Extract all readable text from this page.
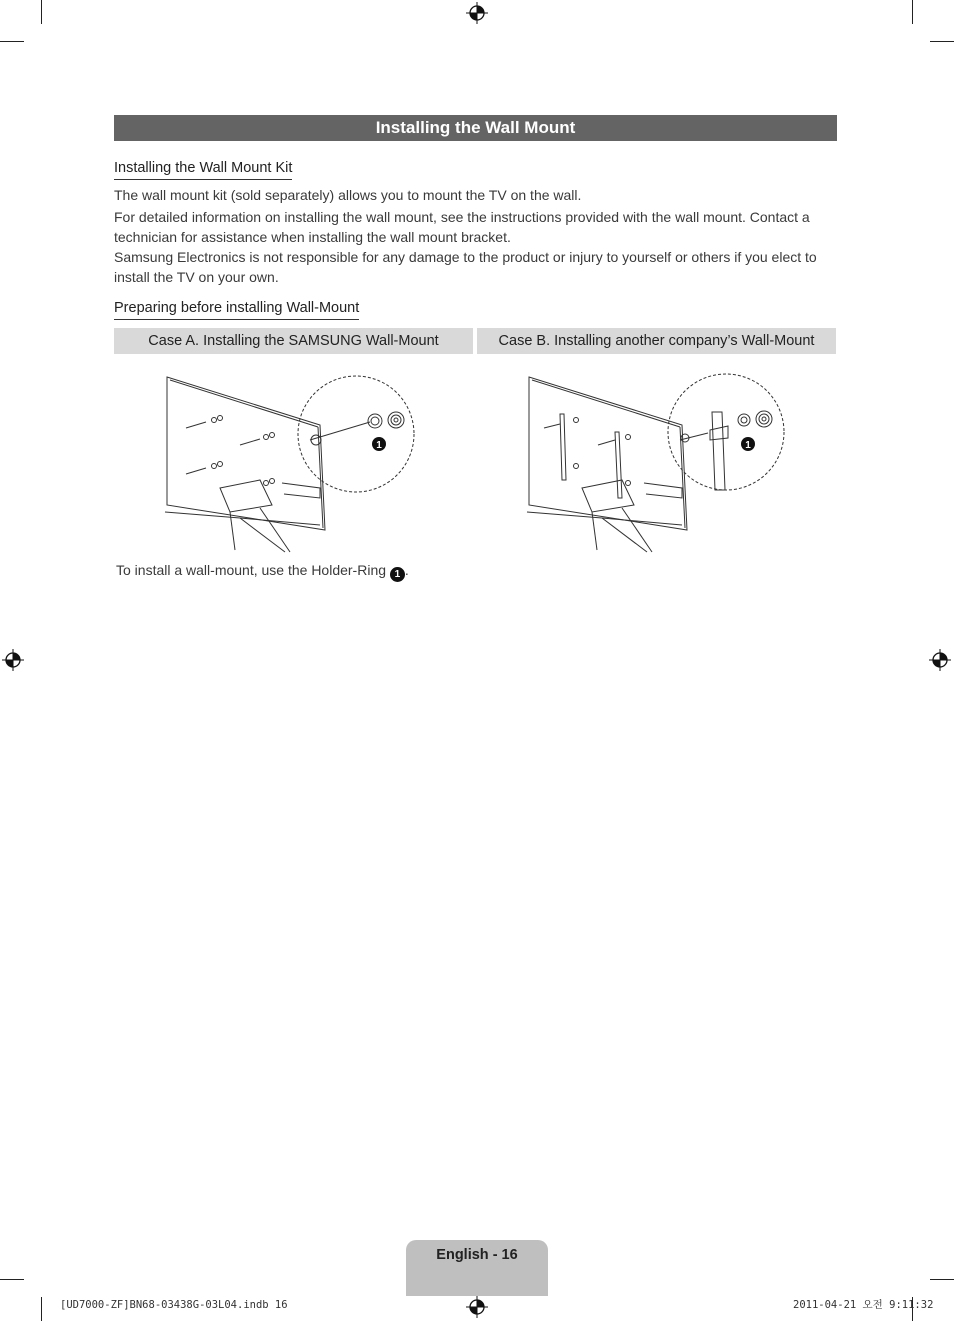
Installing the Wall Mount
Installing the Wall Mount Kit

The wall mount kit (sold separately) allows you to mount the TV on the wall.

For detailed information on installing the wall mount, see the instructions provided with the wall mount. Contact a technician for assistance when installing the wall mount bracket.

Samsung Electronics is not responsible for any damage to the product or injury to yourself or others if you elect to install the TV on your own.

Preparing before installing Wall-Mount
Case A. Installing the SAMSUNG Wall-Mount	Case B. Installing another company’s Wall-Mount
1	1
To install a wall-mount, use the Holder-Ring 1 .
English - 16
[UD7000-ZF]BN68-03438G-03L04.indb 16	2011-04-21 오전 9:11:32
